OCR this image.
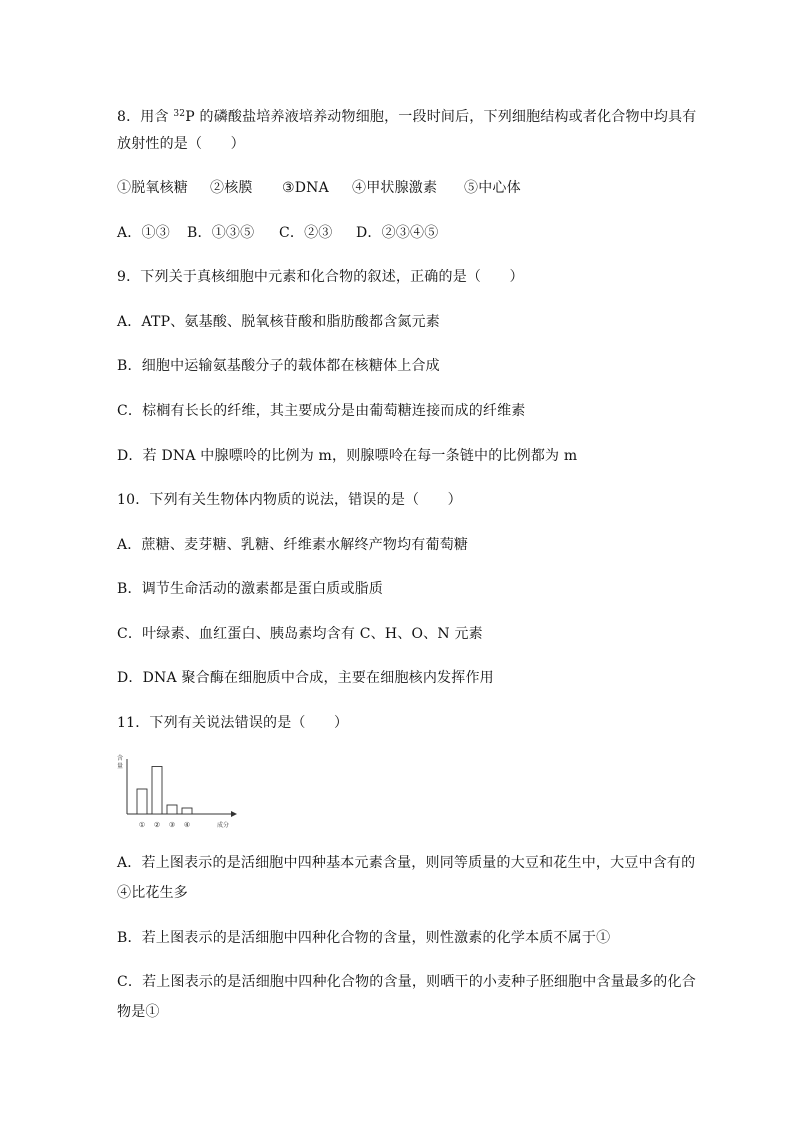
8．用含 $^{32}$P 的磷酸盐培养液培养动物细胞，一段时间后，下列细胞结构或者化合物中均具有
放射性的是（　　）
①脱氧核糖 ②核膜 ③DNA ④甲状腺激素 ⑤中心体
A．①③ B．①③⑤ C．②③ D．②③④⑤
9．下列关于真核细胞中元素和化合物的叙述，正确的是（　　）
A．ATP、氨基酸、脱氧核苷酸和脂肪酸都含氮元素
B．细胞中运输氨基酸分子的载体都在核糖体上合成
C．棕榈有长长的纤维，其主要成分是由葡萄糖连接而成的纤维素
D．若 DNA 中腺嘌呤的比例为 m，则腺嘌呤在每一条链中的比例都为 m
10．下列有关生物体内物质的说法，错误的是（　　）
A．蔗糖、麦芽糖、乳糖、纤维素水解终产物均有葡萄糖
B．调节生命活动的激素都是蛋白质或脂质
C．叶绿素、血红蛋白、胰岛素均含有 C、H、O、N 元素
D．DNA 聚合酶在细胞质中合成，主要在细胞核内发挥作用
11．下列有关说法错误的是（　　）
含
量
成分
① ② ③ ④
A．若上图表示的是活细胞中四种基本元素含量，则同等质量的大豆和花生中，大豆中含有的
④比花生多
B．若上图表示的是活细胞中四种化合物的含量，则性激素的化学本质不属于①
C．若上图表示的是活细胞中四种化合物的含量，则晒干的小麦种子胚细胞中含量最多的化合
物是①
